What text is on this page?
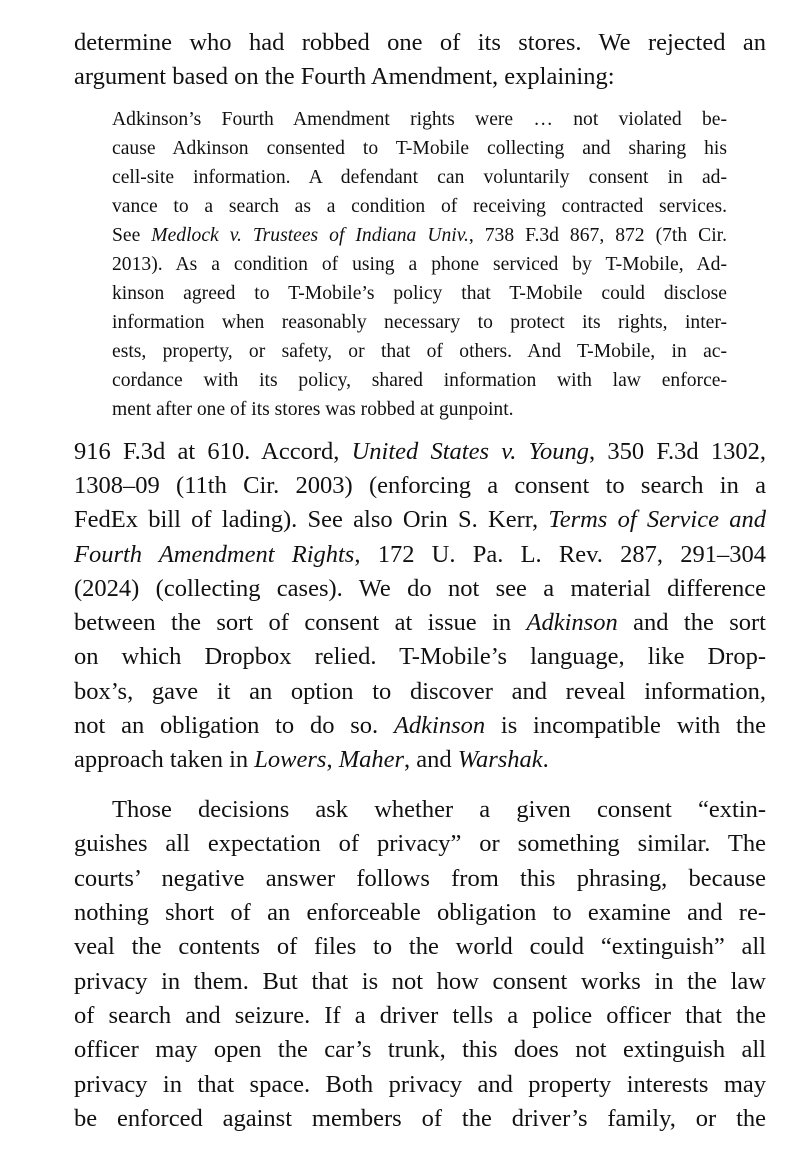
determine who had robbed one of its stores. We rejected an
argument based on the Fourth Amendment, explaining:
Adkinson’s Fourth Amendment rights were … not violated be-
cause Adkinson consented to T-Mobile collecting and sharing his
cell-site information. A defendant can voluntarily consent in ad-
vance to a search as a condition of receiving contracted services.
See Medlock v. Trustees of Indiana Univ., 738 F.3d 867, 872 (7th Cir.
2013). As a condition of using a phone serviced by T-Mobile, Ad-
kinson agreed to T-Mobile’s policy that T-Mobile could disclose
information when reasonably necessary to protect its rights, inter-
ests, property, or safety, or that of others. And T-Mobile, in ac-
cordance with its policy, shared information with law enforce-
ment after one of its stores was robbed at gunpoint.
916 F.3d at 610. Accord, United States v. Young, 350 F.3d 1302,
1308–09 (11th Cir. 2003) (enforcing a consent to search in a
FedEx bill of lading). See also Orin S. Kerr, Terms of Service and
Fourth Amendment Rights, 172 U. Pa. L. Rev. 287, 291–304
(2024) (collecting cases). We do not see a material difference
between the sort of consent at issue in Adkinson and the sort
on which Dropbox relied. T-Mobile’s language, like Drop-
box’s, gave it an option to discover and reveal information,
not an obligation to do so. Adkinson is incompatible with the
approach taken in Lowers, Maher, and Warshak.
Those decisions ask whether a given consent “extin-
guishes all expectation of privacy” or something similar. The
courts’ negative answer follows from this phrasing, because
nothing short of an enforceable obligation to examine and re-
veal the contents of files to the world could “extinguish” all
privacy in them. But that is not how consent works in the law
of search and seizure. If a driver tells a police officer that the
officer may open the car’s trunk, this does not extinguish all
privacy in that space. Both privacy and property interests may
be enforced against members of the driver’s family, or the
